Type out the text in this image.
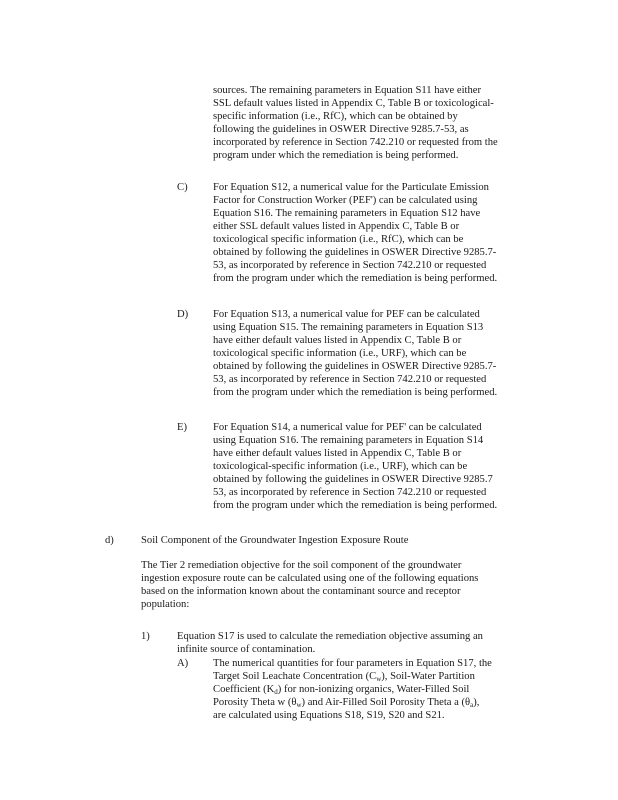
sources. The remaining parameters in Equation S11 have either
SSL default values listed in Appendix C, Table B or toxicological-
specific information (i.e., RfC), which can be obtained by
following the guidelines in OSWER Directive 9285.7-53, as
incorporated by reference in Section 742.210 or requested from the
program under which the remediation is being performed.
C) For Equation S12, a numerical value for the Particulate Emission
Factor for Construction Worker (PEF') can be calculated using
Equation S16. The remaining parameters in Equation S12 have
either SSL default values listed in Appendix C, Table B or
toxicological specific information (i.e., RfC), which can be
obtained by following the guidelines in OSWER Directive 9285.7-
53, as incorporated by reference in Section 742.210 or requested
from the program under which the remediation is being performed.
D) For Equation S13, a numerical value for PEF can be calculated
using Equation S15. The remaining parameters in Equation S13
have either default values listed in Appendix C, Table B or
toxicological specific information (i.e., URF), which can be
obtained by following the guidelines in OSWER Directive 9285.7-
53, as incorporated by reference in Section 742.210 or requested
from the program under which the remediation is being performed.
E) For Equation S14, a numerical value for PEF' can be calculated
using Equation S16. The remaining parameters in Equation S14
have either default values listed in Appendix C, Table B or
toxicological-specific information (i.e., URF), which can be
obtained by following the guidelines in OSWER Directive 9285.7
53, as incorporated by reference in Section 742.210 or requested
from the program under which the remediation is being performed.
d)	Soil Component of the Groundwater Ingestion Exposure Route
The Tier 2 remediation objective for the soil component of the groundwater
ingestion exposure route can be calculated using one of the following equations
based on the information known about the contaminant source and receptor
population:
1)	Equation S17 is used to calculate the remediation objective assuming an
infinite source of contamination.
A) The numerical quantities for four parameters in Equation S17, the
Target Soil Leachate Concentration $(C_w)$, Soil-Water Partition
Coefficient $(K_d)$ for non-ionizing organics, Water-Filled Soil
Porosity Theta w $(\theta_w)$ and Air-Filled Soil Porosity Theta a $(\theta_a)$,
are calculated using Equations S18, S19, S20 and S21.
